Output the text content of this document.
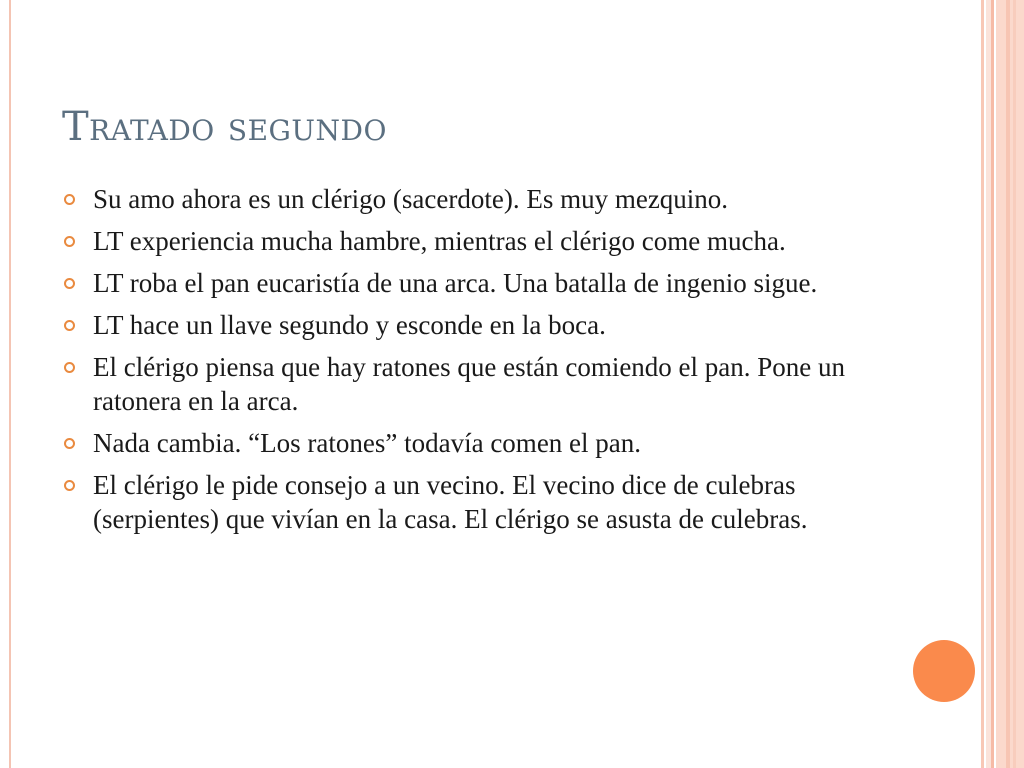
Tratado segundo
Su amo ahora es un clérigo (sacerdote). Es muy mezquino.
LT experiencia mucha hambre, mientras el clérigo come mucha.
LT roba el pan eucaristía de una arca. Una batalla de ingenio sigue.
LT hace un llave segundo y esconde en la boca.
El clérigo piensa que hay ratones que están comiendo el pan. Pone un ratonera en la arca.
Nada cambia. “Los ratones” todavía comen el pan.
El clérigo le pide consejo a un vecino. El vecino dice de culebras (serpientes) que vivían en la casa. El clérigo se asusta de culebras.
